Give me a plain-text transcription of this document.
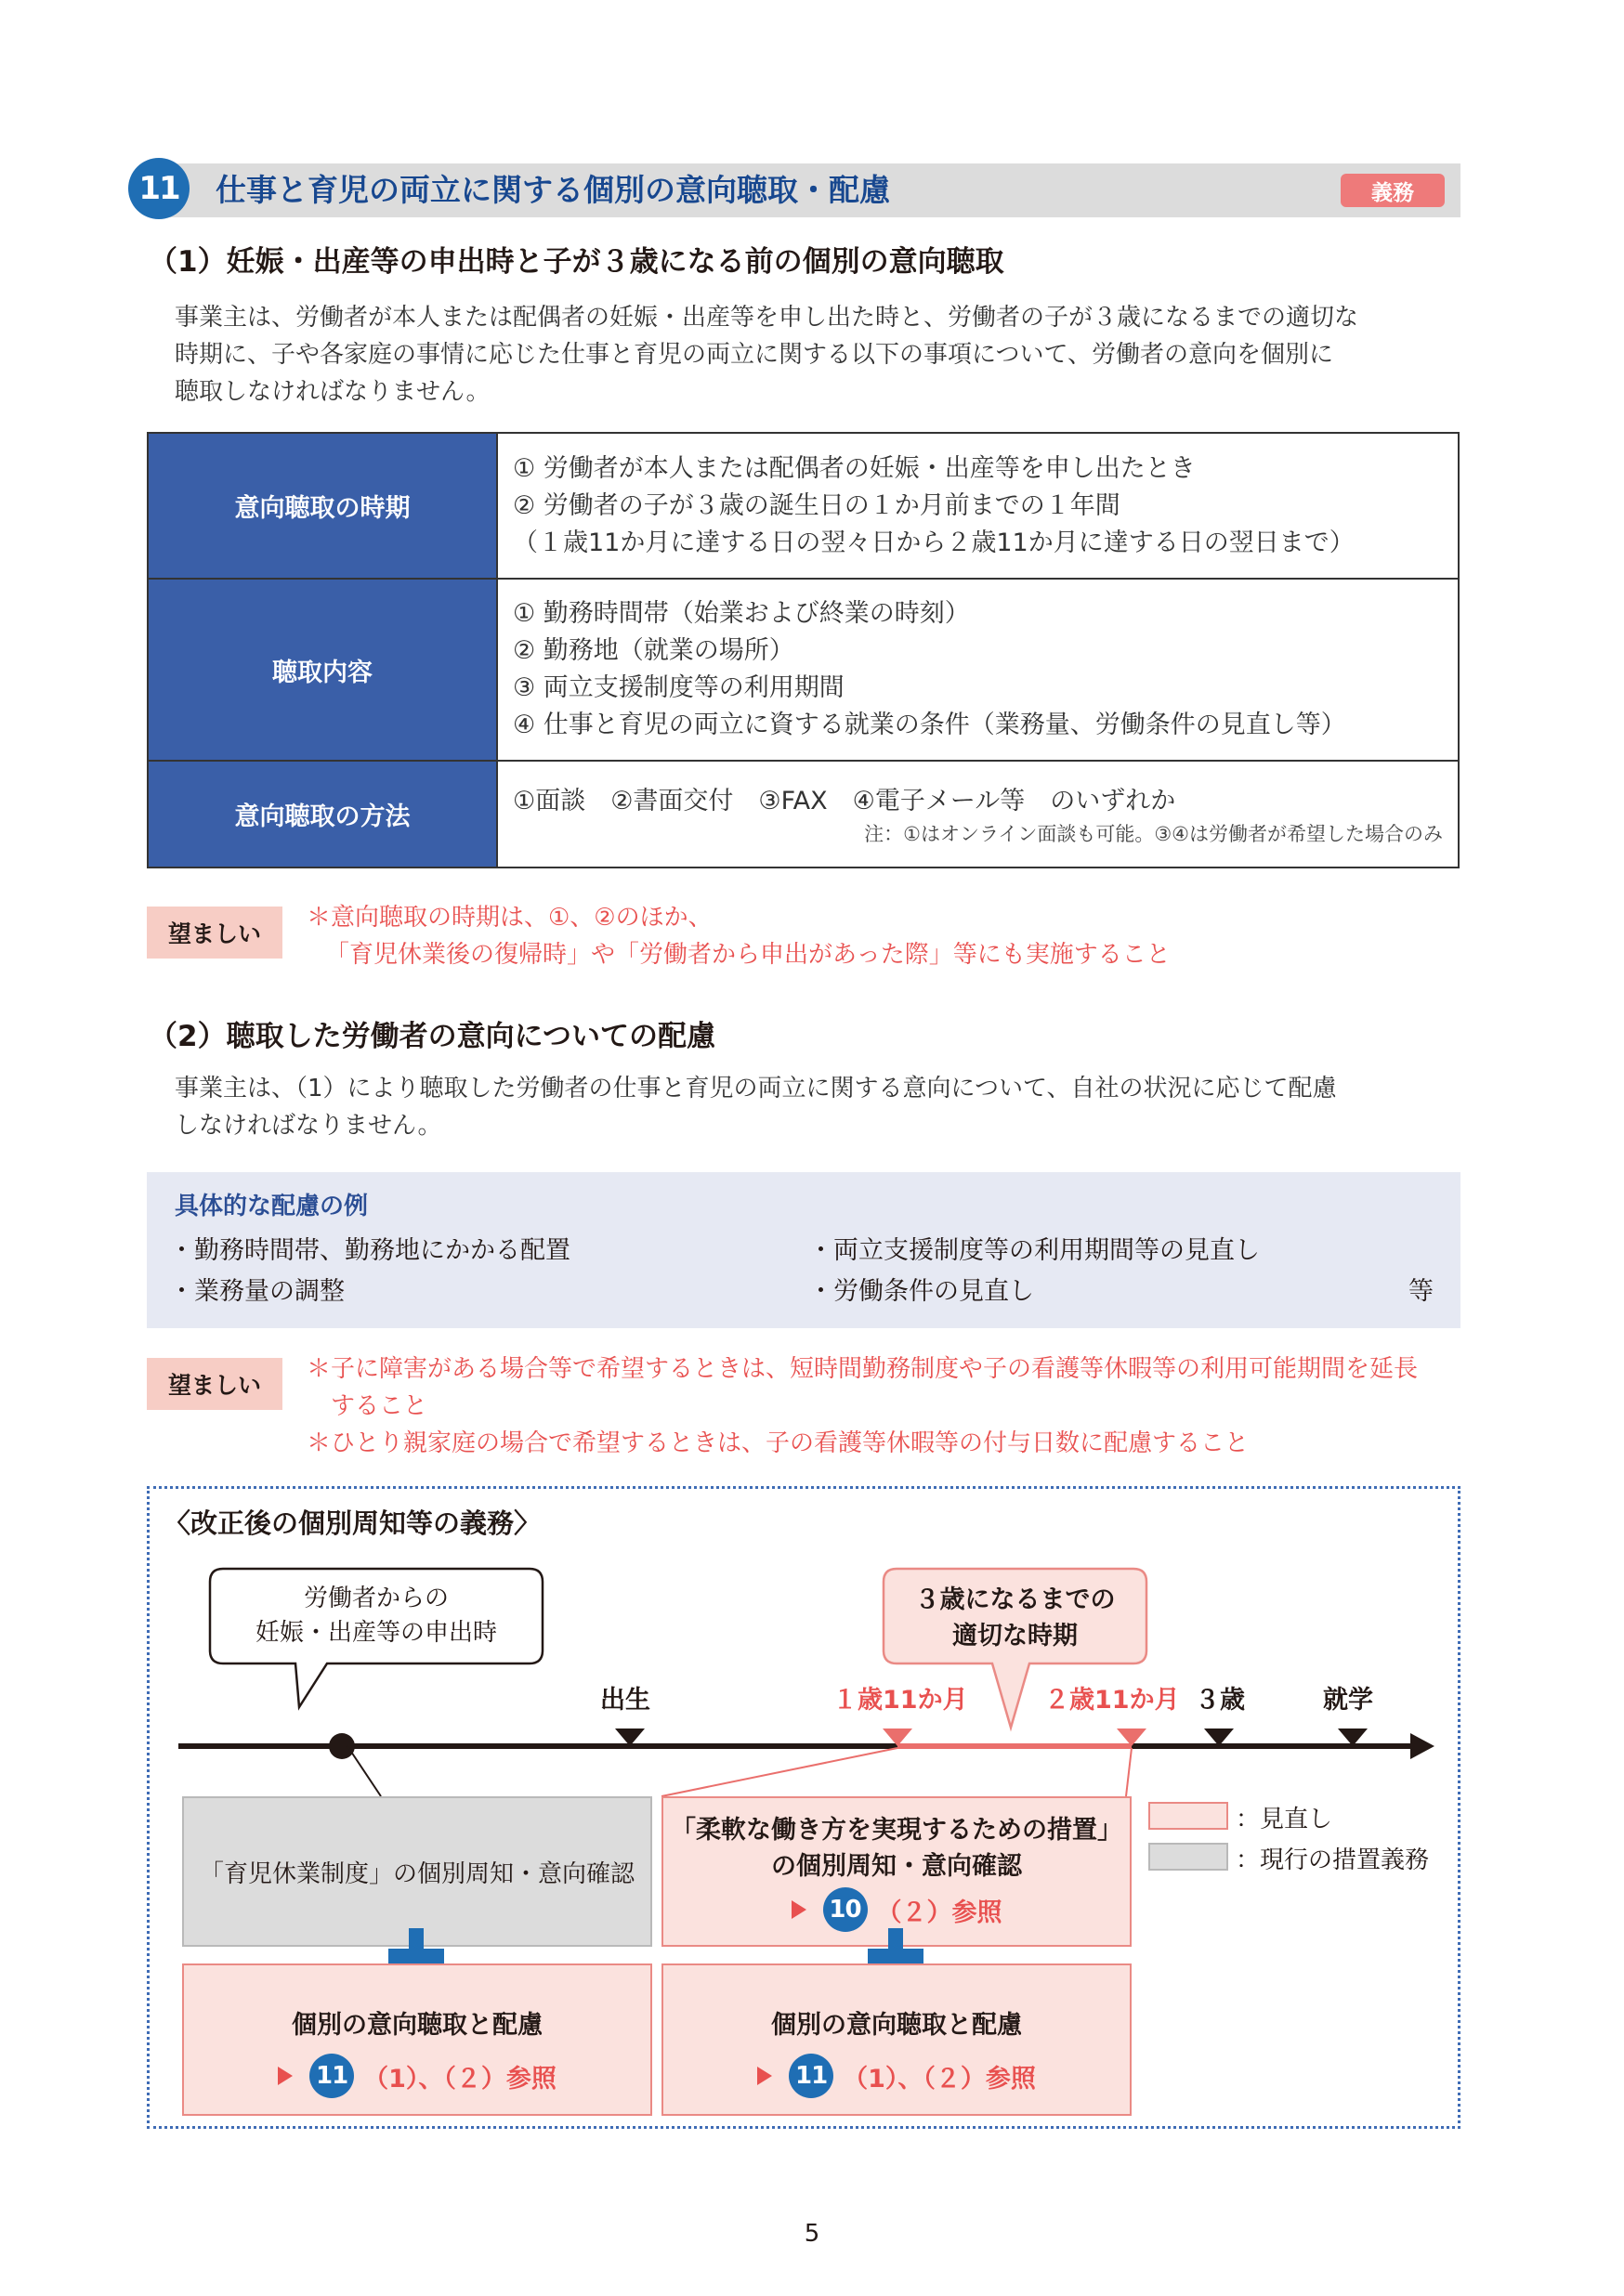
11	仕事と育児の両立に関する個別の意向聴取・配慮	義務
（1）妊娠・出産等の申出時と子が３歳になる前の個別の意向聴取
事業主は、労働者が本人または配偶者の妊娠・出産等を申し出た時と、労働者の子が３歳になるまでの適切な
時期に、子や各家庭の事情に応じた仕事と育児の両立に関する以下の事項について、労働者の意向を個別に
聴取しなければなりません。
意向聴取の時期	① 労働者が本人または配偶者の妊娠・出産等を申し出たとき
② 労働者の子が３歳の誕生日の１か月前までの１年間
（１歳11か月に達する日の翌々日から２歳11か月に達する日の翌日まで）

聴取内容	① 勤務時間帯（始業および終業の時刻）
② 勤務地（就業の場所）
③ 両立支援制度等の利用期間
④ 仕事と育児の両立に資する就業の条件（業務量、労働条件の見直し等）

意向聴取の方法	①面談　②書面交付　③FAX　④電子メール等　のいずれか
注：①はオンライン面談も可能。③④は労働者が希望した場合のみ
望ましい
＊意向聴取の時期は、①、②のほか、
「育児休業後の復帰時」や「労働者から申出があった際」等にも実施すること
（2）聴取した労働者の意向についての配慮
事業主は、（1）により聴取した労働者の仕事と育児の両立に関する意向について、自社の状況に応じて配慮
しなければなりません。
具体的な配慮の例
・勤務時間帯、勤務地にかかる配置	・両立支援制度等の利用期間等の見直し
・業務量の調整	・労働条件の見直し	等
望ましい
＊子に障害がある場合等で希望するときは、短時間勤務制度や子の看護等休暇等の利用可能期間を延長
　すること
＊ひとり親家庭の場合で希望するときは、子の看護等休暇等の付与日数に配慮すること
〈改正後の個別周知等の義務〉
労働者からの
妊娠・出産等の申出時
３歳になるまでの
適切な時期
出生	１歳11か月	２歳11か月 ３歳	就学
「育児休業制度」の個別周知・意向確認
「柔軟な働き方を実現するための措置」
の個別周知・意向確認
10 （２）参照
個別の意向聴取と配慮
11 （1）、（２）参照
個別の意向聴取と配慮
11 （1）、（２）参照
：見直し
：現行の措置義務
5
